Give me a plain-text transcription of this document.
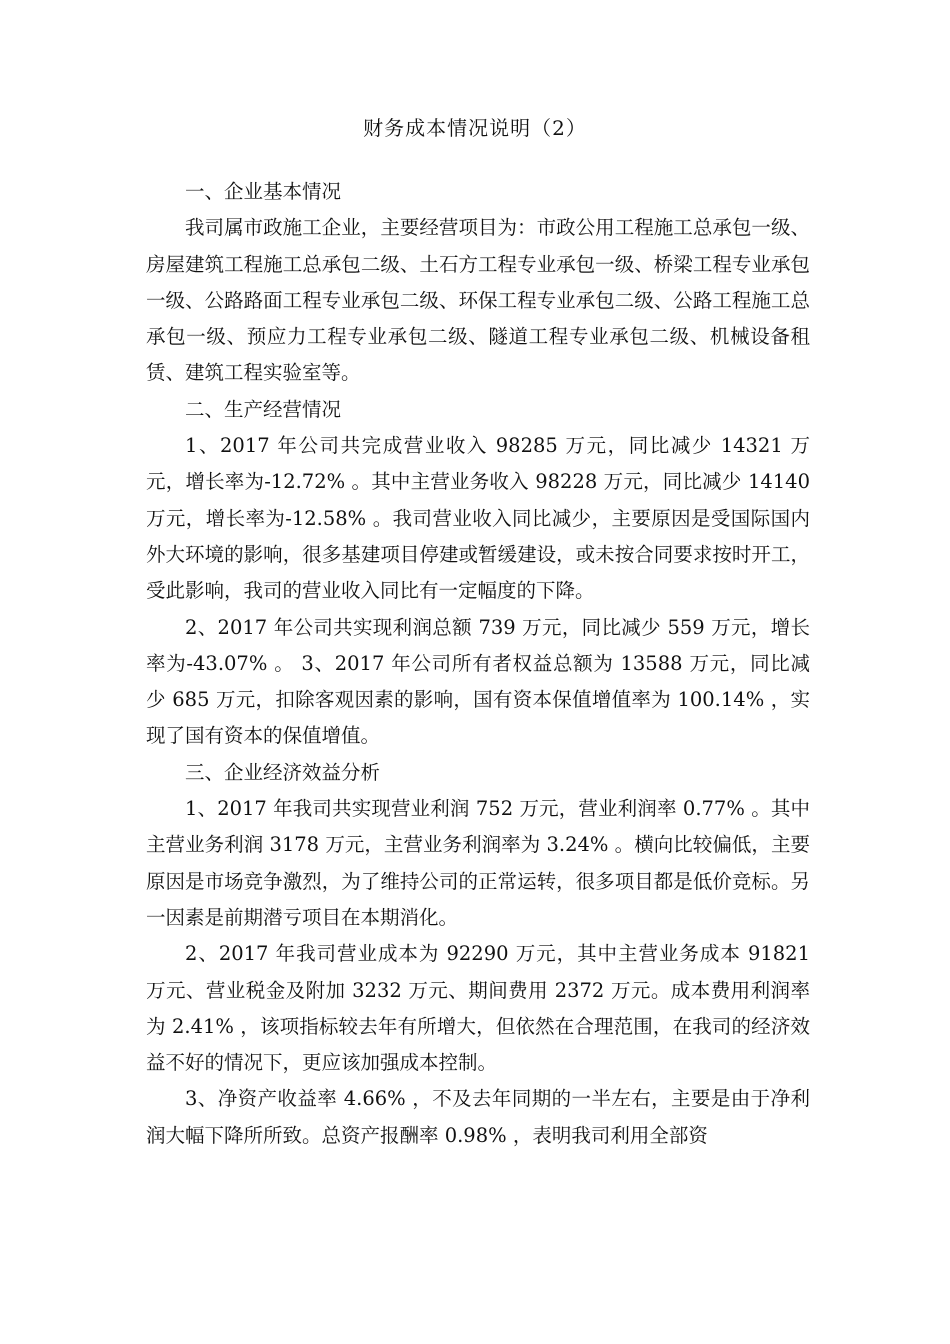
财务成本情况说明（2）

一、企业基本情况

我司属市政施工企业，主要经营项目为：市政公用工程施工总承包一级、房屋建筑工程施工总承包二级、土石方工程专业承包一级、桥梁工程专业承包一级、公路路面工程专业承包二级、环保工程专业承包二级、公路工程施工总承包一级、预应力工程专业承包二级、隧道工程专业承包二级、机械设备租赁、建筑工程实验室等。

二、生产经营情况

1、2017 年公司共完成营业收入 98285 万元，同比减少 14321 万元，增长率为-12.72% 。其中主营业务收入 98228 万元，同比减少 14140 万元，增长率为-12.58% 。我司营业收入同比减少，主要原因是受国际国内外大环境的影响，很多基建项目停建或暂缓建设，或未按合同要求按时开工，受此影响，我司的营业收入同比有一定幅度的下降。

2、2017 年公司共实现利润总额 739 万元，同比减少 559 万元，增长率为-43.07% 。 3、2017 年公司所有者权益总额为 13588 万元，同比减少 685 万元，扣除客观因素的影响，国有资本保值增值率为 100.14% ，实现了国有资本的保值增值。

三、企业经济效益分析

1、2017 年我司共实现营业利润 752 万元，营业利润率 0.77% 。其中主营业务利润 3178 万元，主营业务利润率为 3.24% 。横向比较偏低，主要原因是市场竞争激烈，为了维持公司的正常运转，很多项目都是低价竞标。另一因素是前期潜亏项目在本期消化。

2、2017 年我司营业成本为 92290 万元，其中主营业务成本 91821 万元、营业税金及附加 3232 万元、期间费用 2372 万元。成本费用利润率为 2.41% ，该项指标较去年有所增大，但依然在合理范围，在我司的经济效益不好的情况下，更应该加强成本控制。

3、净资产收益率 4.66% ，不及去年同期的一半左右，主要是由于净利润大幅下降所所致。总资产报酬率 0.98% ，表明我司利用全部资
